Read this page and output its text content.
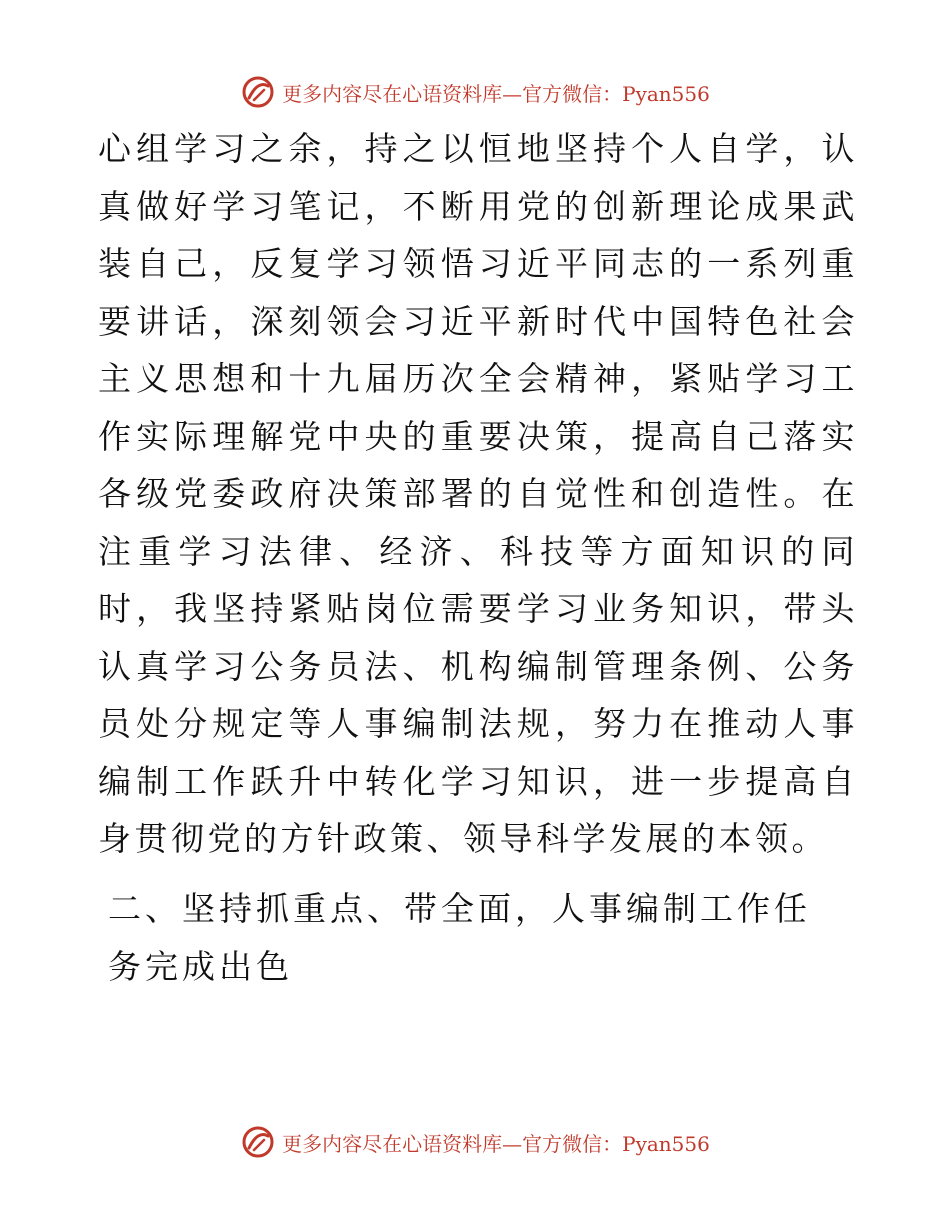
更多内容尽在心语资料库—官方微信：Pyan556

心组学习之余，持之以恒地坚持个人自学，认真做好学习笔记，不断用党的创新理论成果武装自己，反复学习领悟习近平同志的一系列重要讲话，深刻领会习近平新时代中国特色社会主义思想和十九届历次全会精神，紧贴学习工作实际理解党中央的重要决策，提高自己落实各级党委政府决策部署的自觉性和创造性。在注重学习法律、经济、科技等方面知识的同时，我坚持紧贴岗位需要学习业务知识，带头认真学习公务员法、机构编制管理条例、公务员处分规定等人事编制法规，努力在推动人事编制工作跃升中转化学习知识，进一步提高自身贯彻党的方针政策、领导科学发展的本领。

二、坚持抓重点、带全面，人事编制工作任务完成出色

更多内容尽在心语资料库—官方微信：Pyan556
